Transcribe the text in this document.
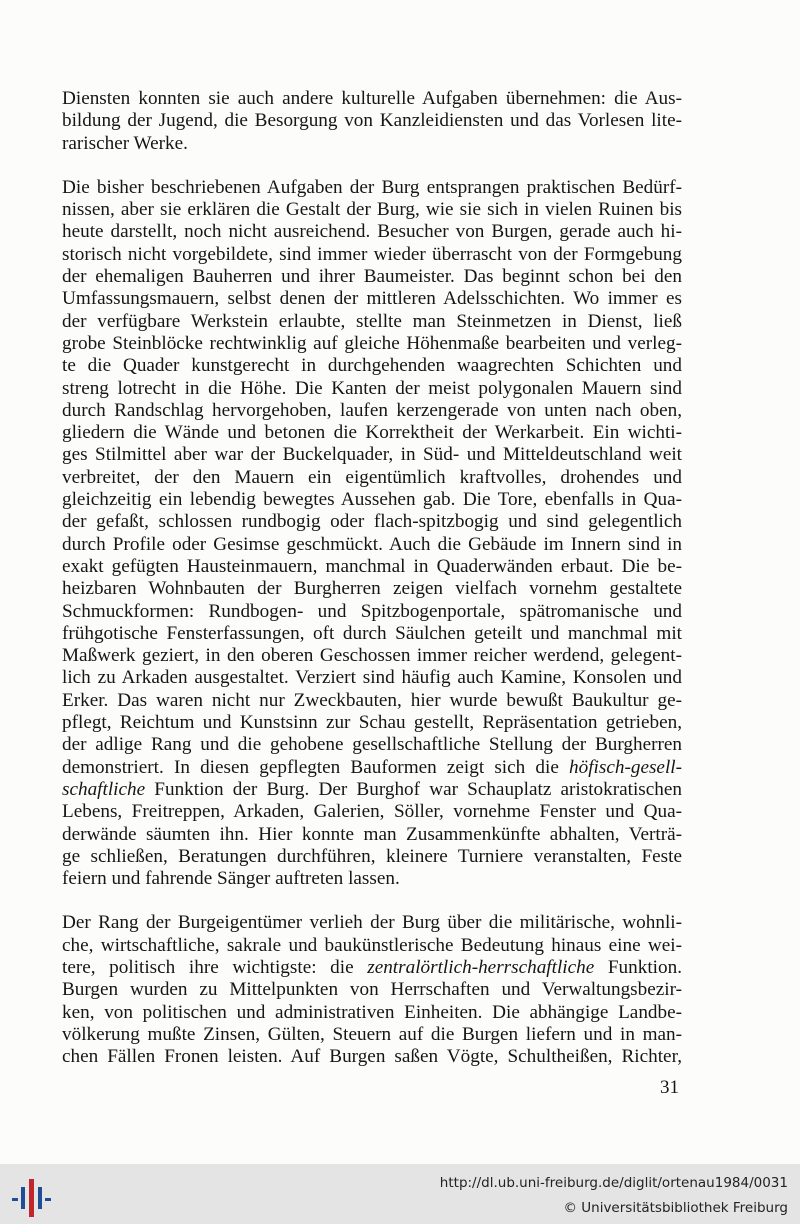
Diensten konnten sie auch andere kulturelle Aufgaben übernehmen: die Aus-
bildung der Jugend, die Besorgung von Kanzleidiensten und das Vorlesen lite-
rarischer Werke.
Die bisher beschriebenen Aufgaben der Burg entsprangen praktischen Bedürf-
nissen, aber sie erklären die Gestalt der Burg, wie sie sich in vielen Ruinen bis
heute darstellt, noch nicht ausreichend. Besucher von Burgen, gerade auch hi-
storisch nicht vorgebildete, sind immer wieder überrascht von der Formgebung
der ehemaligen Bauherren und ihrer Baumeister. Das beginnt schon bei den
Umfassungsmauern, selbst denen der mittleren Adelsschichten. Wo immer es
der verfügbare Werkstein erlaubte, stellte man Steinmetzen in Dienst, ließ
grobe Steinblöcke rechtwinklig auf gleiche Höhenmaße bearbeiten und verleg-
te die Quader kunstgerecht in durchgehenden waagrechten Schichten und
streng lotrecht in die Höhe. Die Kanten der meist polygonalen Mauern sind
durch Randschlag hervorgehoben, laufen kerzengerade von unten nach oben,
gliedern die Wände und betonen die Korrektheit der Werkarbeit. Ein wichti-
ges Stilmittel aber war der Buckelquader, in Süd- und Mitteldeutschland weit
verbreitet, der den Mauern ein eigentümlich kraftvolles, drohendes und
gleichzeitig ein lebendig bewegtes Aussehen gab. Die Tore, ebenfalls in Qua-
der gefaßt, schlossen rundbogig oder flach-spitzbogig und sind gelegentlich
durch Profile oder Gesimse geschmückt. Auch die Gebäude im Innern sind in
exakt gefügten Hausteinmauern, manchmal in Quaderwänden erbaut. Die be-
heizbaren Wohnbauten der Burgherren zeigen vielfach vornehm gestaltete
Schmuckformen: Rundbogen- und Spitzbogenportale, spätromanische und
frühgotische Fensterfassungen, oft durch Säulchen geteilt und manchmal mit
Maßwerk geziert, in den oberen Geschossen immer reicher werdend, gelegent-
lich zu Arkaden ausgestaltet. Verziert sind häufig auch Kamine, Konsolen und
Erker. Das waren nicht nur Zweckbauten, hier wurde bewußt Baukultur ge-
pflegt, Reichtum und Kunstsinn zur Schau gestellt, Repräsentation getrieben,
der adlige Rang und die gehobene gesellschaftliche Stellung der Burgherren
demonstriert. In diesen gepflegten Bauformen zeigt sich die höfisch-gesell-
schaftliche Funktion der Burg. Der Burghof war Schauplatz aristokratischen
Lebens, Freitreppen, Arkaden, Galerien, Söller, vornehme Fenster und Qua-
derwände säumten ihn. Hier konnte man Zusammenkünfte abhalten, Verträ-
ge schließen, Beratungen durchführen, kleinere Turniere veranstalten, Feste
feiern und fahrende Sänger auftreten lassen.
Der Rang der Burgeigentümer verlieh der Burg über die militärische, wohnli-
che, wirtschaftliche, sakrale und baukünstlerische Bedeutung hinaus eine wei-
tere, politisch ihre wichtigste: die zentralörtlich-herrschaftliche Funktion.
Burgen wurden zu Mittelpunkten von Herrschaften und Verwaltungsbezir-
ken, von politischen und administrativen Einheiten. Die abhängige Landbe-
völkerung mußte Zinsen, Gülten, Steuern auf die Burgen liefern und in man-
chen Fällen Fronen leisten. Auf Burgen saßen Vögte, Schultheißen, Richter,
31
http://dl.ub.uni-freiburg.de/diglit/ortenau1984/0031
© Universitätsbibliothek Freiburg
